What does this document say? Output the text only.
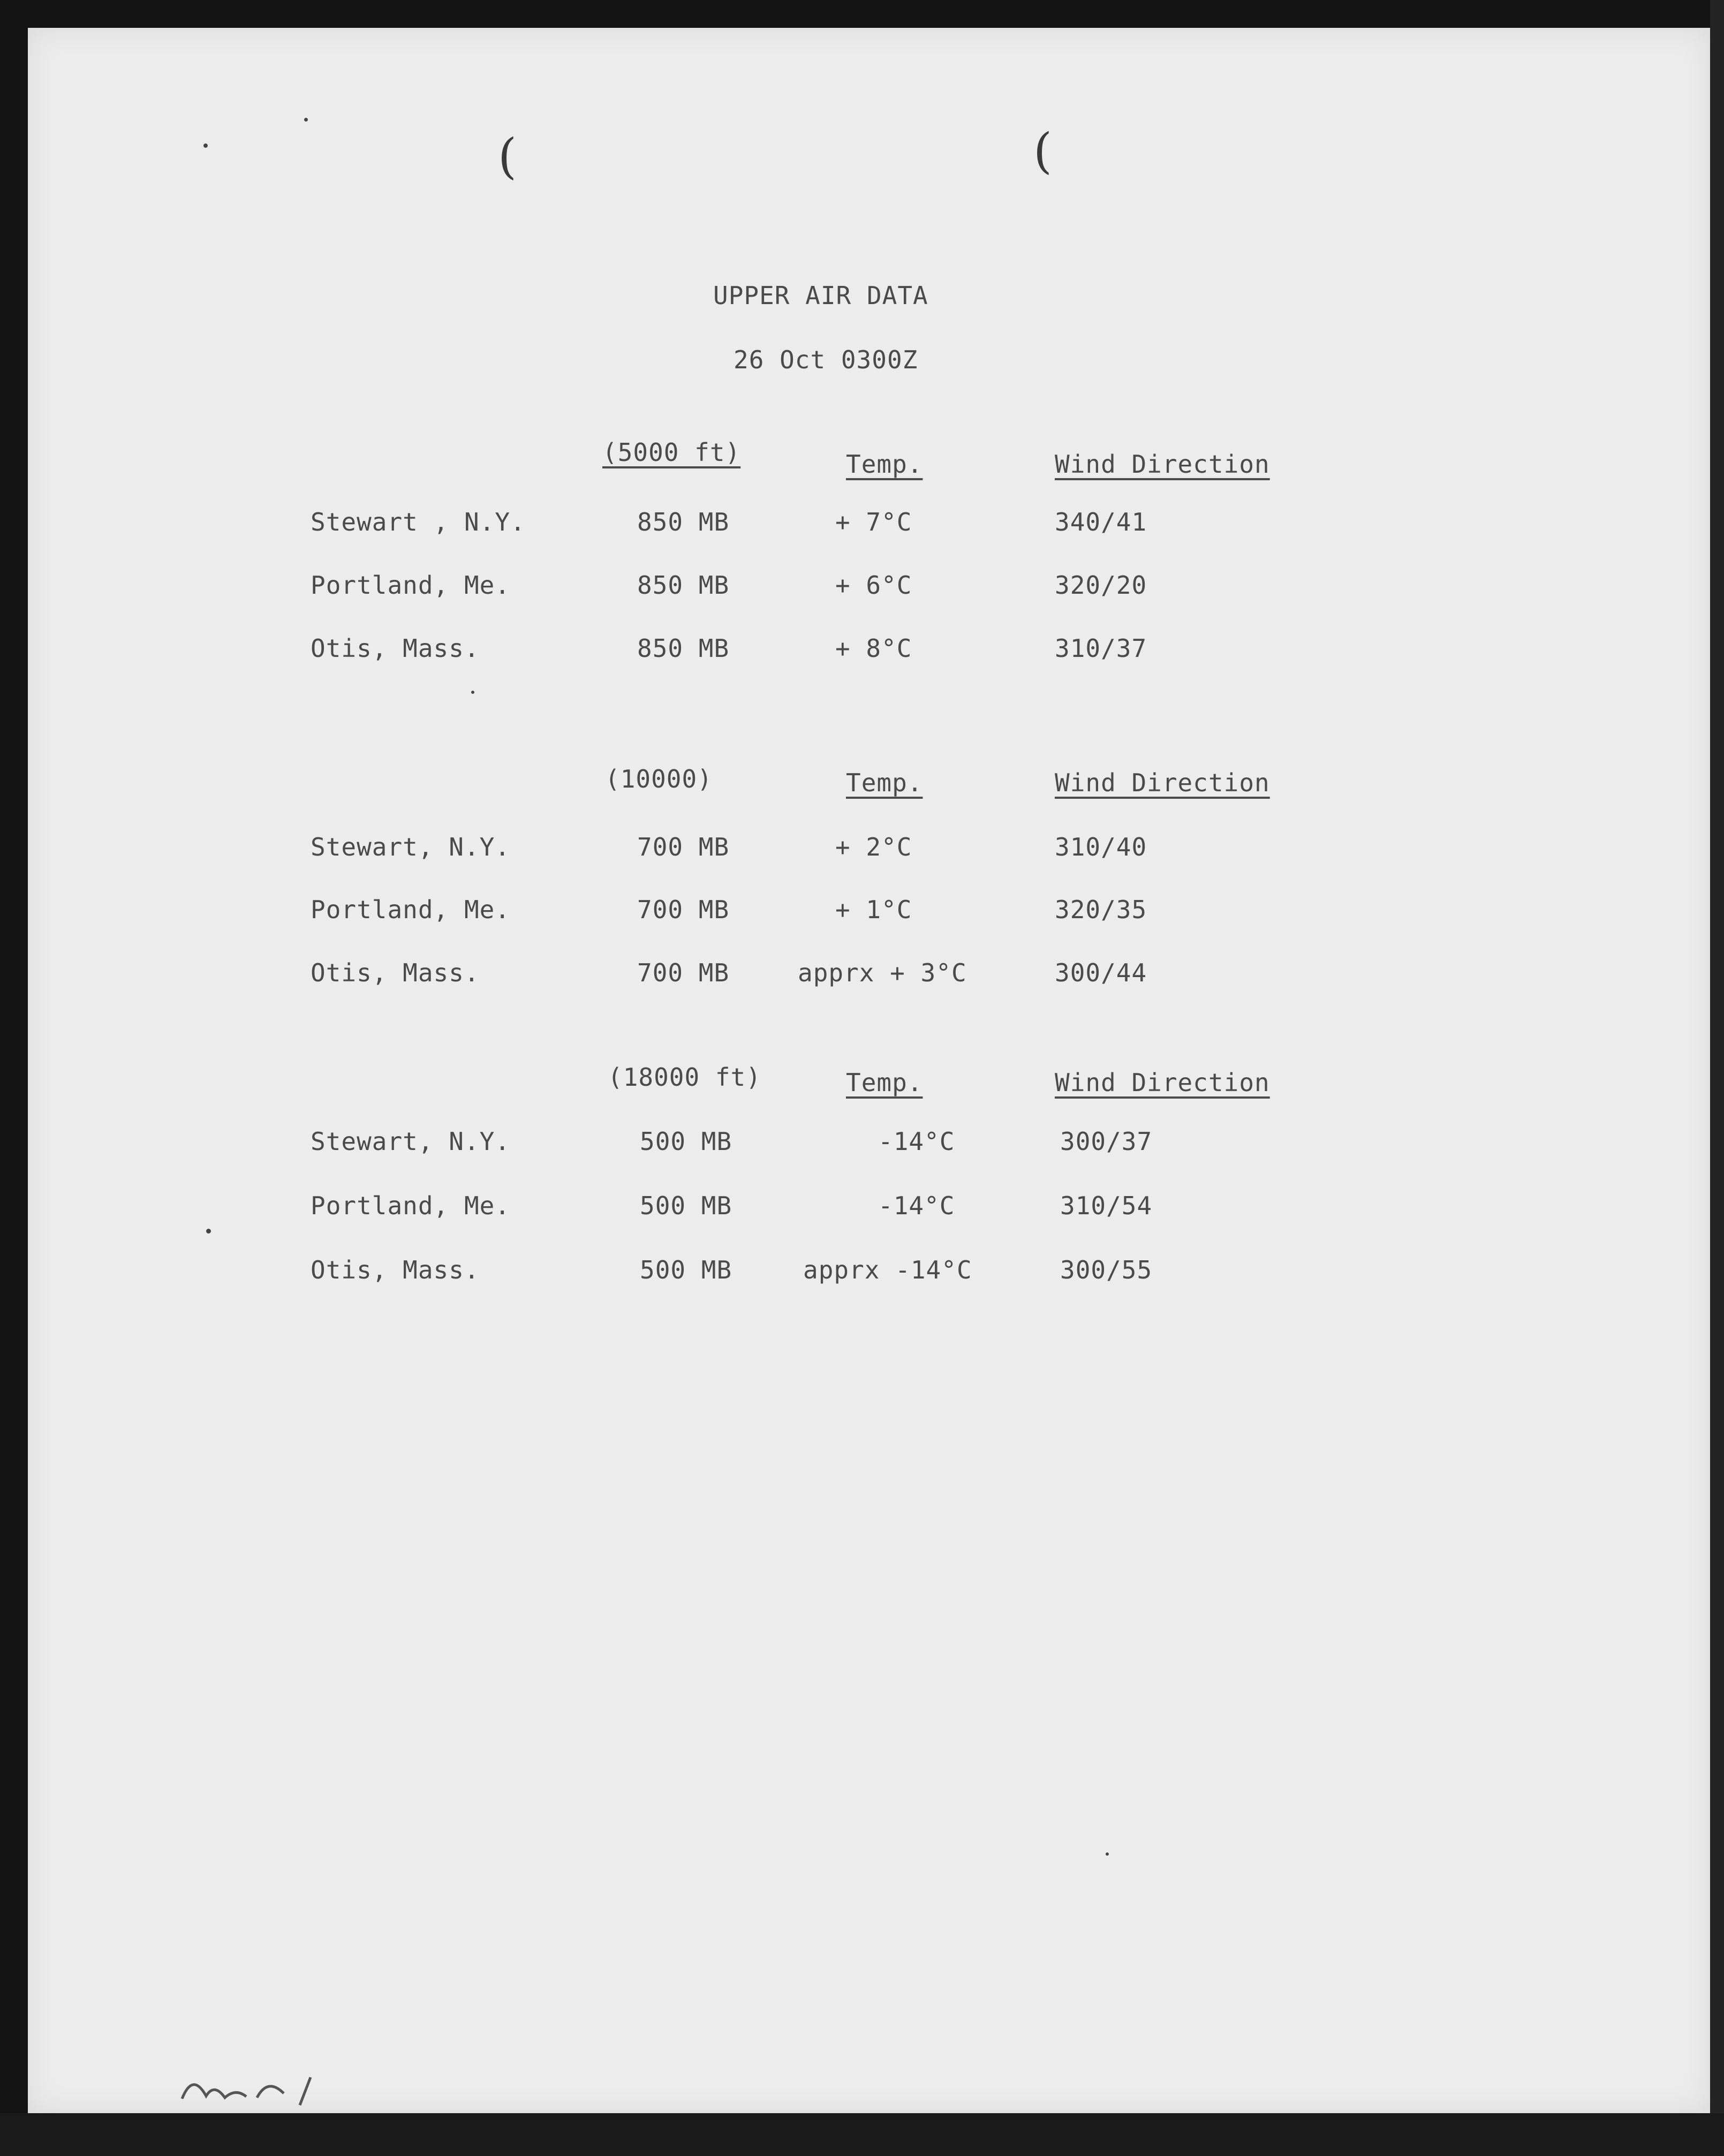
(	(
UPPER AIR DATA
26 Oct 0300Z
(5000 ft)	Temp.	Wind Direction
Stewart , N.Y.	850 MB	+ 7°C	340/41
Portland, Me.	850 MB	+ 6°C	320/20
Otis, Mass.	850 MB	+ 8°C	310/37
(10000)	Temp.	Wind Direction
Stewart, N.Y.	700 MB	+ 2°C	310/40
Portland, Me.	700 MB	+ 1°C	320/35
Otis, Mass.	700 MB	apprx + 3°C	300/44
(18000 ft)	Temp.	Wind Direction
Stewart, N.Y.	500 MB	-14°C	300/37
Portland, Me.	500 MB	-14°C	310/54
Otis, Mass.	500 MB	apprx -14°C	300/55
